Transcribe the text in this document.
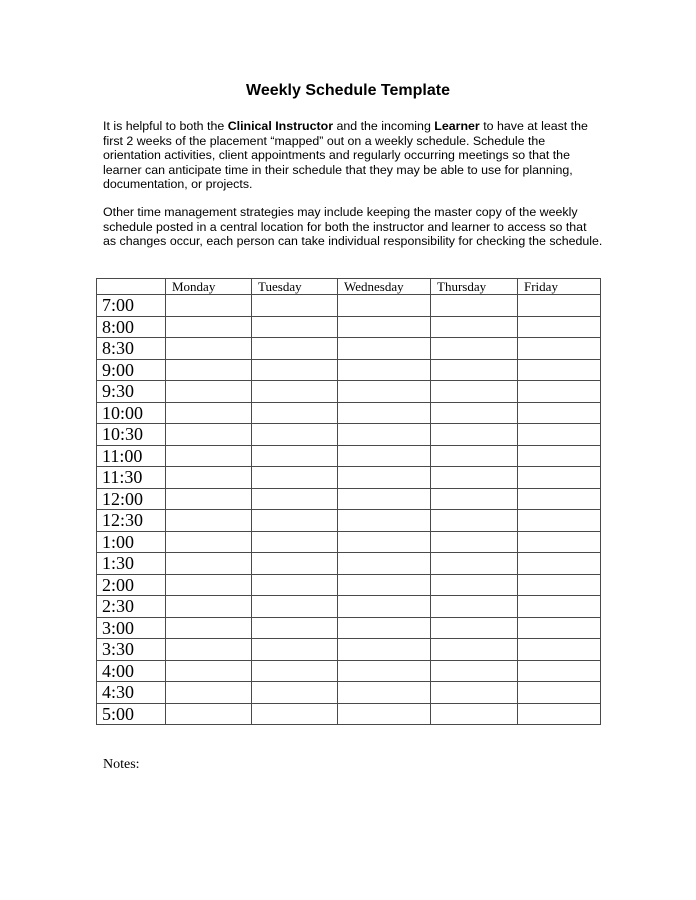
Weekly Schedule Template

It is helpful to both the Clinical Instructor and the incoming Learner to have at least the first 2 weeks of the placement “mapped” out on a weekly schedule. Schedule the orientation activities, client appointments and regularly occurring meetings so that the learner can anticipate time in their schedule that they may be able to use for planning, documentation, or projects.

Other time management strategies may include keeping the master copy of the weekly schedule posted in a central location for both the instructor and learner to access so that as changes occur, each person can take individual responsibility for checking the schedule.

	Monday	Tuesday	Wednesday	Thursday	Friday
7:00					
8:00					
8:30					
9:00					
9:30					
10:00					
10:30					
11:00					
11:30					
12:00					
12:30					
1:00					
1:30					
2:00					
2:30					
3:00					
3:30					
4:00					
4:30					
5:00					

Notes:
